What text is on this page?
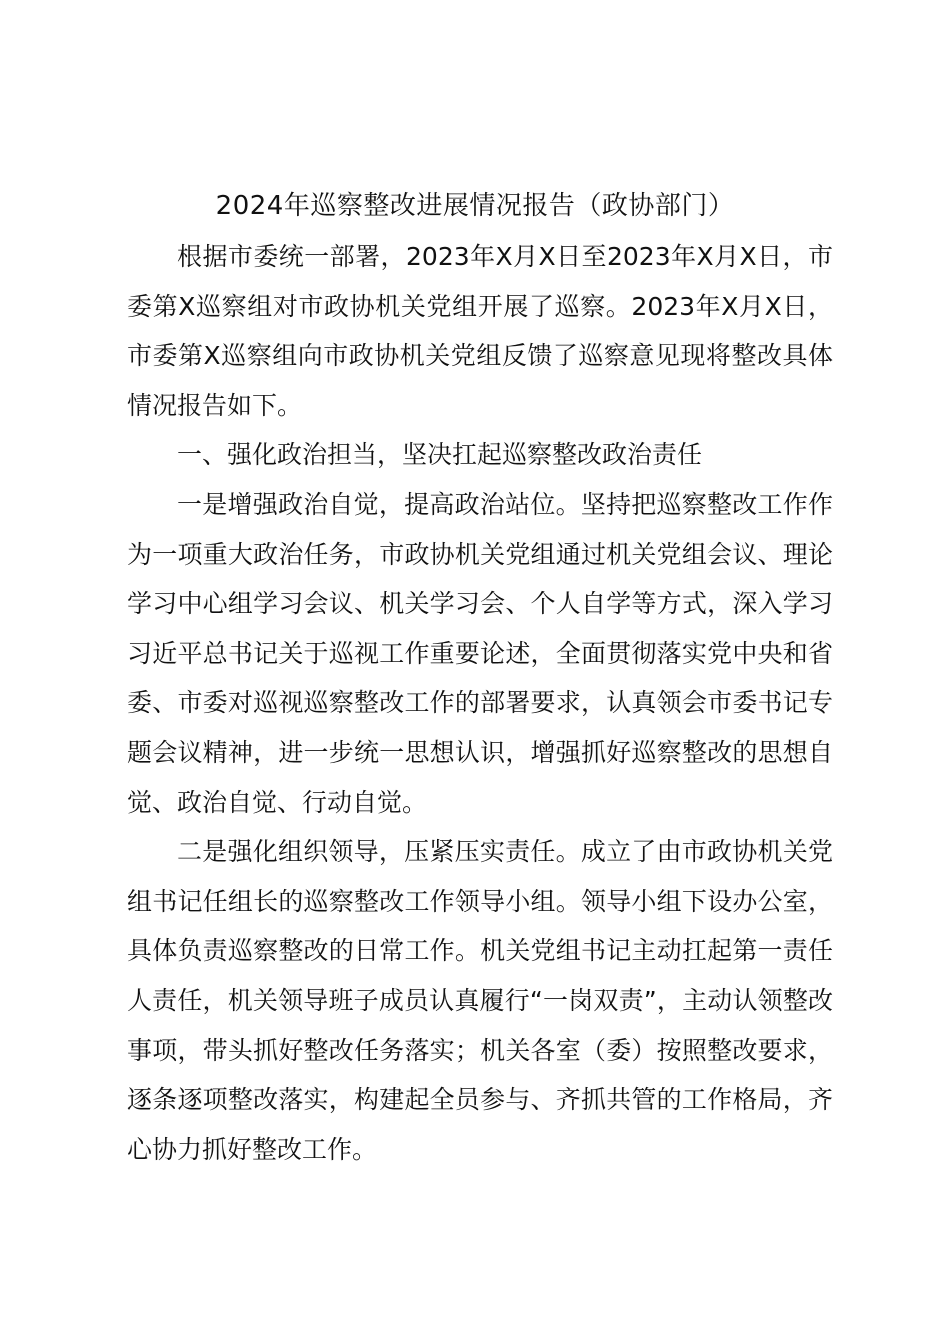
2024年巡察整改进展情况报告（政协部门）

根据市委统一部署，2023年X月X日至2023年X月X日，市委第X巡察组对市政协机关党组开展了巡察。2023年X月X日，市委第X巡察组向市政协机关党组反馈了巡察意见现将整改具体情况报告如下。

一、强化政治担当，坚决扛起巡察整改政治责任

一是增强政治自觉，提高政治站位。坚持把巡察整改工作作为一项重大政治任务，市政协机关党组通过机关党组会议、理论学习中心组学习会议、机关学习会、个人自学等方式，深入学习习近平总书记关于巡视工作重要论述，全面贯彻落实党中央和省委、市委对巡视巡察整改工作的部署要求，认真领会市委书记专题会议精神，进一步统一思想认识，增强抓好巡察整改的思想自觉、政治自觉、行动自觉。

二是强化组织领导，压紧压实责任。成立了由市政协机关党组书记任组长的巡察整改工作领导小组。领导小组下设办公室，具体负责巡察整改的日常工作。机关党组书记主动扛起第一责任人责任，机关领导班子成员认真履行“一岗双责”，主动认领整改事项，带头抓好整改任务落实；机关各室（委）按照整改要求，逐条逐项整改落实，构建起全员参与、齐抓共管的工作格局，齐心协力抓好整改工作。
